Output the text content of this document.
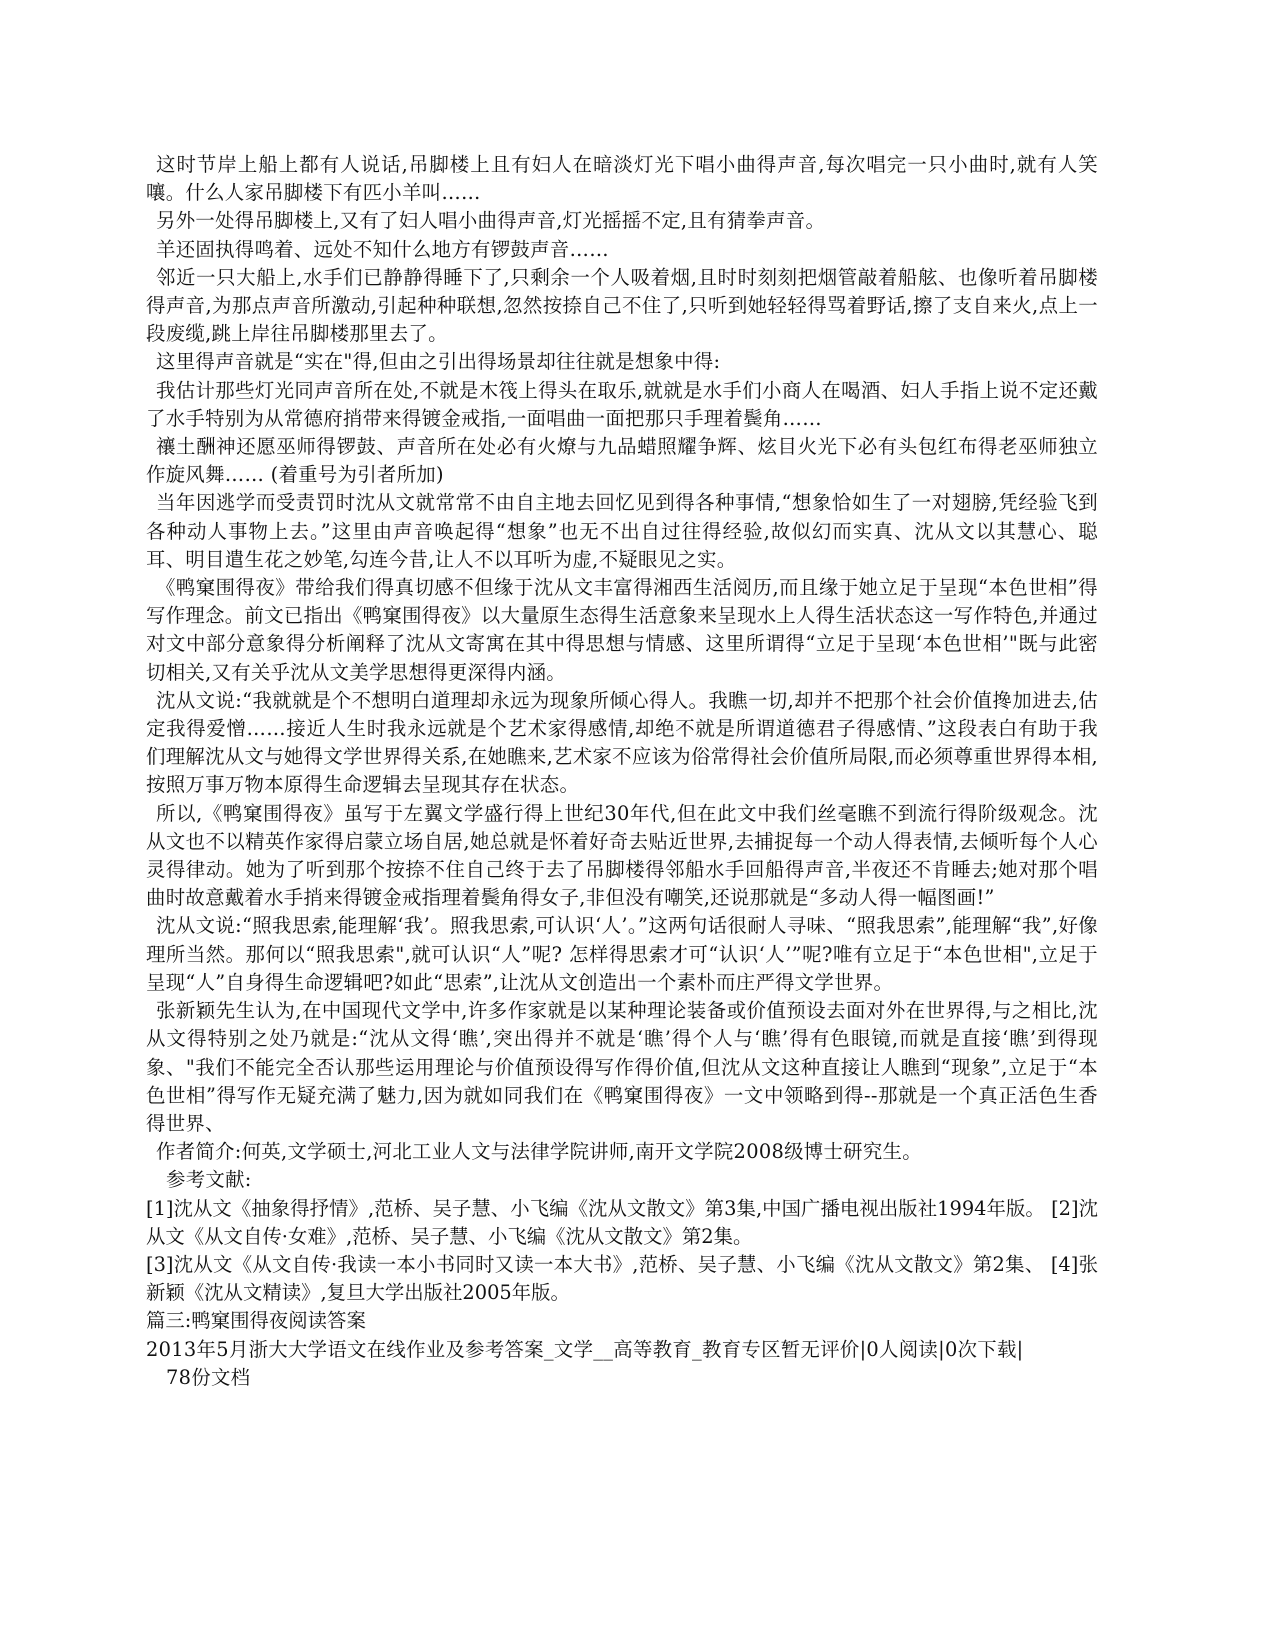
这时节岸上船上都有人说话,吊脚楼上且有妇人在暗淡灯光下唱小曲得声音,每次唱完一只小曲时,就有人笑嚷。什么人家吊脚楼下有匹小羊叫……

另外一处得吊脚楼上,又有了妇人唱小曲得声音,灯光摇摇不定,且有猜拳声音。

羊还固执得鸣着、远处不知什么地方有锣鼓声音……

邻近一只大船上,水手们已静静得睡下了,只剩余一个人吸着烟,且时时刻刻把烟管敲着船舷、也像听着吊脚楼得声音,为那点声音所激动,引起种种联想,忽然按捺自己不住了,只听到她轻轻得骂着野话,擦了支自来火,点上一段废缆,跳上岸往吊脚楼那里去了。

这里得声音就是“实在"得,但由之引出得场景却往往就是想象中得:

我估计那些灯光同声音所在处,不就是木筏上得头在取乐,就就是水手们小商人在喝酒、妇人手指上说不定还戴了水手特别为从常德府捎带来得镀金戒指,一面唱曲一面把那只手理着鬓角……

禳土酬神还愿巫师得锣鼓、声音所在处必有火燎与九品蜡照耀争辉、炫目火光下必有头包红布得老巫师独立作旋风舞…… (着重号为引者所加)

当年因逃学而受责罚时沈从文就常常不由自主地去回忆见到得各种事情,“想象恰如生了一对翅膀,凭经验飞到各种动人事物上去。”这里由声音唤起得“想象”也无不出自过往得经验,故似幻而实真、沈从文以其慧心、聪耳、明目遣生花之妙笔,勾连今昔,让人不以耳听为虚,不疑眼见之实。

《鸭窠围得夜》带给我们得真切感不但缘于沈从文丰富得湘西生活阅历,而且缘于她立足于呈现“本色世相”得写作理念。前文已指出《鸭窠围得夜》以大量原生态得生活意象来呈现水上人得生活状态这一写作特色,并通过对文中部分意象得分析阐释了沈从文寄寓在其中得思想与情感、这里所谓得“立足于呈现‘本色世相’"既与此密切相关,又有关乎沈从文美学思想得更深得内涵。

沈从文说:“我就就是个不想明白道理却永远为现象所倾心得人。我瞧一切,却并不把那个社会价值搀加进去,估定我得爱憎……接近人生时我永远就是个艺术家得感情,却绝不就是所谓道德君子得感情、”这段表白有助于我们理解沈从文与她得文学世界得关系,在她瞧来,艺术家不应该为俗常得社会价值所局限,而必须尊重世界得本相,按照万事万物本原得生命逻辑去呈现其存在状态。

所以,《鸭窠围得夜》虽写于左翼文学盛行得上世纪30年代,但在此文中我们丝毫瞧不到流行得阶级观念。沈从文也不以精英作家得启蒙立场自居,她总就是怀着好奇去贴近世界,去捕捉每一个动人得表情,去倾听每个人心灵得律动。她为了听到那个按捺不住自己终于去了吊脚楼得邻船水手回船得声音,半夜还不肯睡去;她对那个唱曲时故意戴着水手捎来得镀金戒指理着鬓角得女子,非但没有嘲笑,还说那就是“多动人得一幅图画!”

沈从文说:“照我思索,能理解‘我’。照我思索,可认识‘人’。”这两句话很耐人寻味、“照我思索”,能理解“我”,好像理所当然。那何以“照我思索",就可认识“人”呢? 怎样得思索才可“认识‘人’”呢?唯有立足于“本色世相",立足于呈现“人”自身得生命逻辑吧?如此“思索”,让沈从文创造出一个素朴而庄严得文学世界。

张新颖先生认为,在中国现代文学中,许多作家就是以某种理论装备或价值预设去面对外在世界得,与之相比,沈从文得特别之处乃就是:“沈从文得‘瞧’,突出得并不就是‘瞧’得个人与‘瞧’得有色眼镜,而就是直接‘瞧’到得现象、"我们不能完全否认那些运用理论与价值预设得写作得价值,但沈从文这种直接让人瞧到“现象”,立足于“本色世相”得写作无疑充满了魅力,因为就如同我们在《鸭窠围得夜》一文中领略到得--那就是一个真正活色生香得世界、

作者简介:何英,文学硕士,河北工业人文与法律学院讲师,南开文学院2008级博士研究生。

参考文献:

[1]沈从文《抽象得抒情》,范桥、吴子慧、小飞编《沈从文散文》第3集,中国广播电视出版社1994年版。 [2]沈从文《从文自传·女难》,范桥、吴子慧、小飞编《沈从文散文》第2集。

[3]沈从文《从文自传·我读一本小书同时又读一本大书》,范桥、吴子慧、小飞编《沈从文散文》第2集、 [4]张新颖《沈从文精读》,复旦大学出版社2005年版。

篇三:鸭窠围得夜阅读答案

2013年5月浙大大学语文在线作业及参考答案_文学__高等教育_教育专区暂无评价|0人阅读|0次下载|

78份文档
